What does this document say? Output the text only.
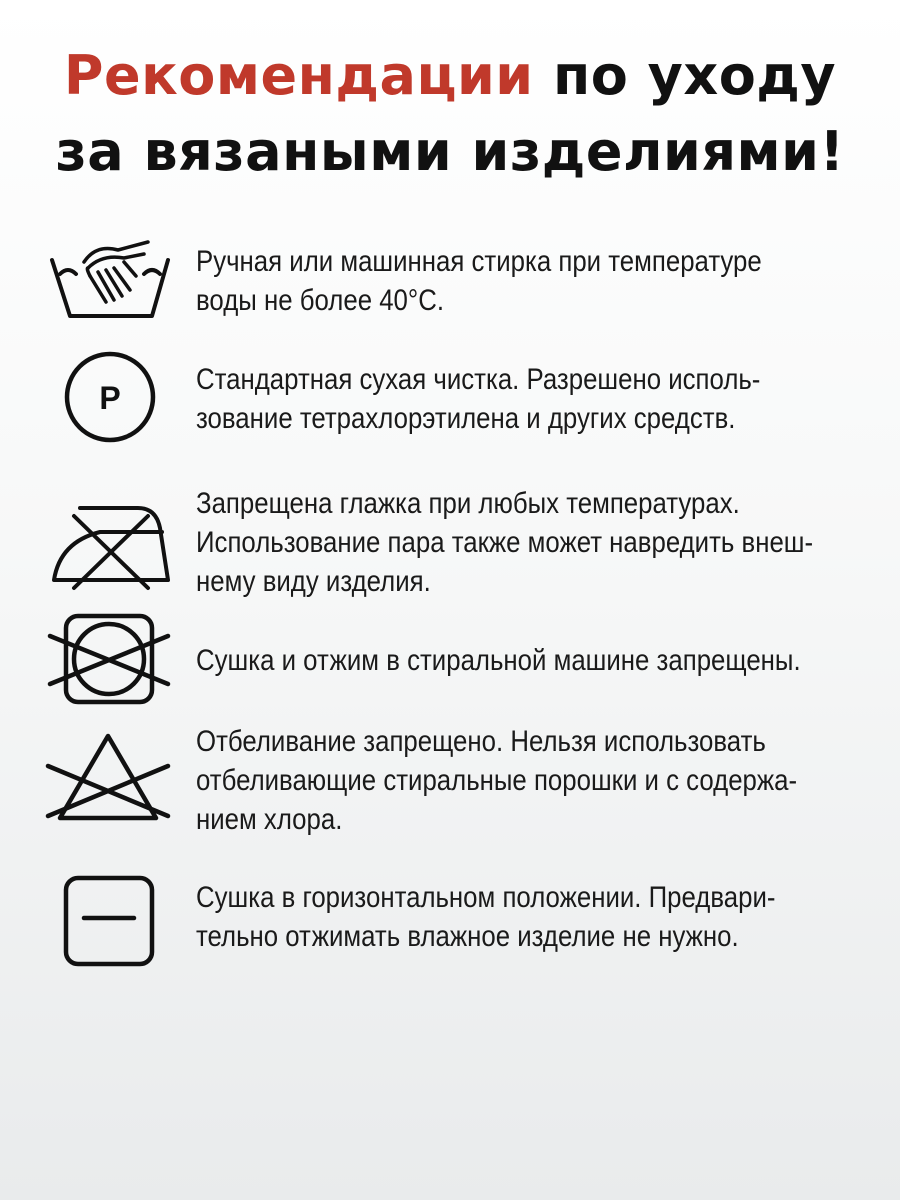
Рекомендации по уходу
за вязаными изделиями!
Ручная или машинная стирка при температуре
воды не более 40°С.
P
Стандартная сухая чистка. Разрешено исполь-
зование тетрахлорэтилена и других средств.
Запрещена глажка при любых температурах.
Использование пара также может навредить внеш-
нему виду изделия.
Сушка и отжим в стиральной машине запрещены.
Отбеливание запрещено. Нельзя использовать
отбеливающие стиральные порошки и с содержа-
нием хлора.
Сушка в горизонтальном положении. Предвари-
тельно отжимать влажное изделие не нужно.
